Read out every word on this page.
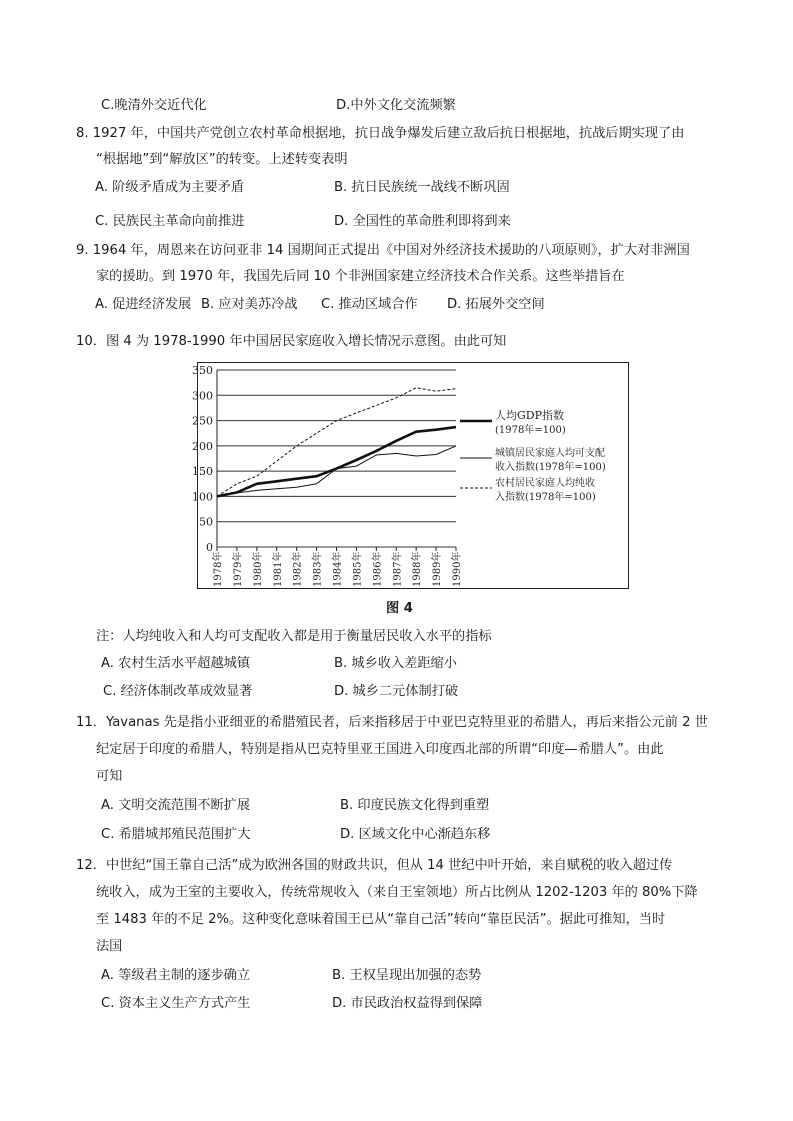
C.晚清外交近代化	D.中外文化交流频繁
8. 1927 年，中国共产党创立农村革命根据地，抗日战争爆发后建立敌后抗日根据地，抗战后期实现了由
“根据地”到“解放区”的转变。上述转变表明
A. 阶级矛盾成为主要矛盾	B. 抗日民族统一战线不断巩固
C. 民族民主革命向前推进	D. 全国性的革命胜利即将到来
9. 1964 年，周恩来在访问亚非 14 国期间正式提出《中国对外经济技术援助的八项原则》，扩大对非洲国
家的援助。到 1970 年，我国先后同 10 个非洲国家建立经济技术合作关系。这些举措旨在
A. 促进经济发展 B. 应对美苏冷战 C. 推动区域合作 D. 拓展外交空间
10．图 4 为 1978-1990 年中国居民家庭收入增长情况示意图。由此可知
0
50
100
150
200
250
300
350
1978年 1979年 1980年 1981年 1982年 1983年 1984年 1985年 1986年 1987年 1988年 1989年 1990年
人均GDP指数
(1978年=100)
城镇居民家庭人均可支配
收入指数(1978年=100)
农村居民家庭人均纯收
入指数(1978年=100)
图 4
注：人均纯收入和人均可支配收入都是用于衡量居民收入水平的指标
A. 农村生活水平超越城镇	B. 城乡收入差距缩小
C. 经济体制改革成效显著	D. 城乡二元体制打破
11．Yavanas 先是指小亚细亚的希腊殖民者，后来指移居于中亚巴克特里亚的希腊人，再后来指公元前 2 世
纪定居于印度的希腊人，特别是指从巴克特里亚王国进入印度西北部的所谓“印度—希腊人”。由此
可知
A. 文明交流范围不断扩展	B. 印度民族文化得到重塑
C. 希腊城邦殖民范围扩大	D. 区域文化中心渐趋东移
12．中世纪“国王靠自己活”成为欧洲各国的财政共识，但从 14 世纪中叶开始，来自赋税的收入超过传
统收入，成为王室的主要收入，传统常规收入（来自王室领地）所占比例从 1202-1203 年的 80%下降
至 1483 年的不足 2%。这种变化意味着国王已从“靠自己活”转向“靠臣民活”。据此可推知，当时
法国
A. 等级君主制的逐步确立	B. 王权呈现出加强的态势
C. 资本主义生产方式产生	D. 市民政治权益得到保障
